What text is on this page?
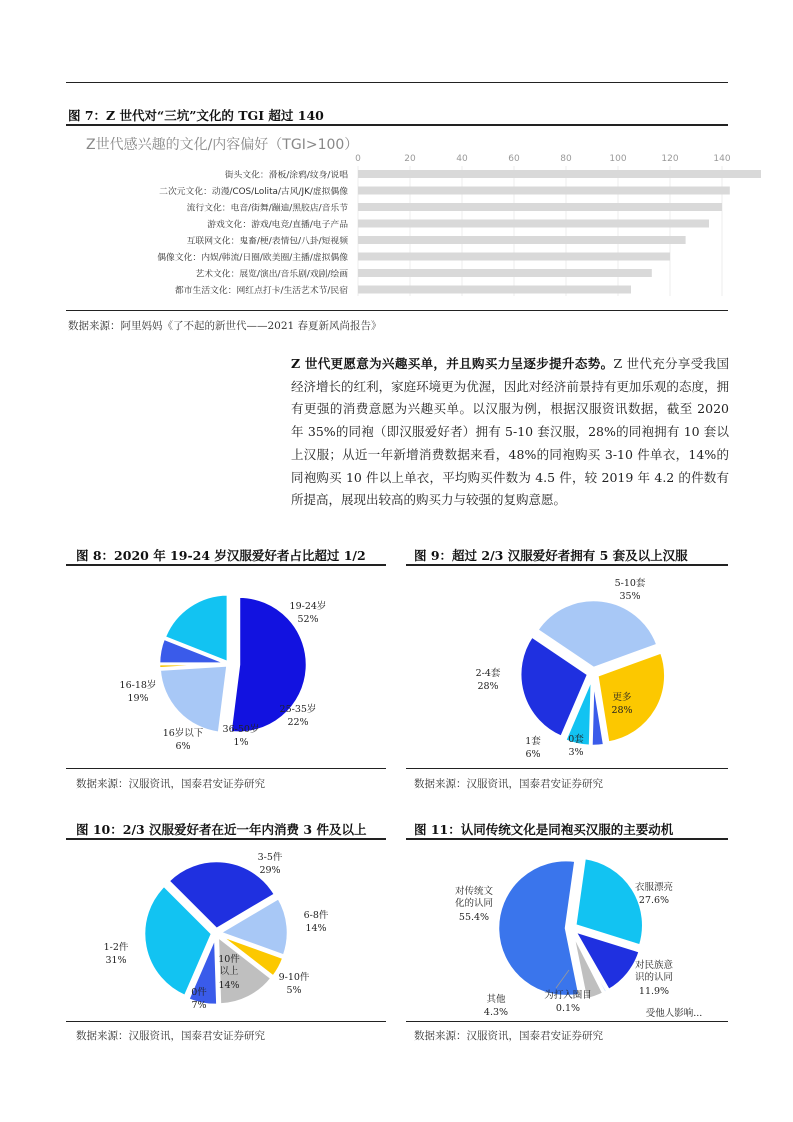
图 7：Z 世代对“三坑”文化的 TGI 超过 140
Z世代感兴趣的文化/内容偏好（TGI>100）
0	20	40	60	80	100	120	140
街头文化：滑板/涂鸦/纹身/说唱
二次元文化：动漫/COS/Lolita/古风/JK/虚拟偶像
流行文化：电音/街舞/蹦迪/黑胶店/音乐节
游戏文化：游戏/电竞/直播/电子产品
互联网文化：鬼畜/梗/表情包/八卦/短视频
偶像文化：内娱/韩流/日圈/欧美圈/主播/虚拟偶像
艺术文化：展览/演出/音乐剧/戏剧/绘画
都市生活文化：网红点打卡/生活艺术节/民宿
数据来源：阿里妈妈《了不起的新世代——2021 春夏新风尚报告》
Z 世代更愿意为兴趣买单，并且购买力呈逐步提升态势。Z 世代充分享受我国经济增长的红利，家庭环境更为优渥，因此对经济前景持有更加乐观的态度，拥有更强的消费意愿为兴趣买单。以汉服为例，根据汉服资讯数据，截至 2020 年 35%的同袍（即汉服爱好者）拥有 5-10 套汉服，28%的同袍拥有 10 套以上汉服；从近一年新增消费数据来看，48%的同袍购买 3-10 件单衣，14%的同袍购买 10 件以上单衣，平均购买件数为 4.5 件，较 2019 年 4.2 的件数有所提高，展现出较高的购买力与较强的复购意愿。
图 8：2020 年 19-24 岁汉服爱好者占比超过 1/2
19-24岁
52%
25-35岁
22%
36-50岁
1%
16岁以下
6%
16-18岁
19%
数据来源：汉服资讯，国泰君安证券研究
图 9：超过 2/3 汉服爱好者拥有 5 套及以上汉服
5-10套
35%
更多
28%
0套
3%
1套
6%
2-4套
28%
数据来源：汉服资讯，国泰君安证券研究
图 10：2/3 汉服爱好者在近一年内消费 3 件及以上
3-5件
29%
6-8件
14%
9-10件
5%
10件
以上
14%
0件
7%
1-2件
31%
数据来源：汉服资讯，国泰君安证券研究
图 11：认同传统文化是同袍买汉服的主要动机
衣服漂亮
27.6%
对民族意
识的认同
11.9%
受他人影响...
为打入圈目
0.1%
其他
4.3%
对传统文
化的认同
55.4%
数据来源：汉服资讯，国泰君安证券研究
